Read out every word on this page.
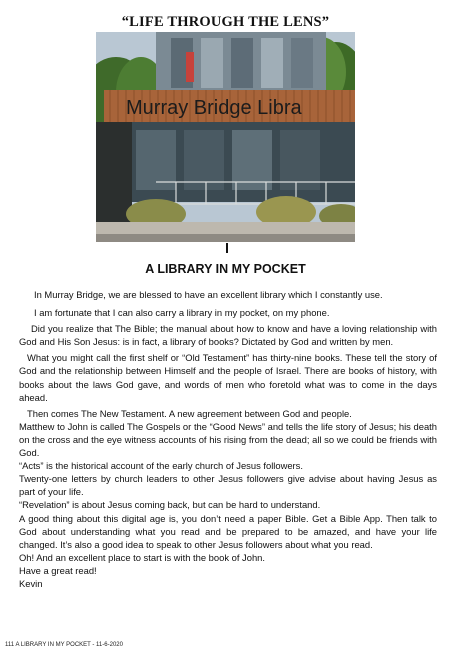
“LIFE THROUGH THE LENS”
Murray Bridge Libra
A LIBRARY IN MY POCKET

In Murray Bridge, we are blessed to have an excellent library which I constantly use.

I am fortunate that I can also carry a library in my pocket, on my phone.

Did you realize that The Bible; the manual about how to know and have a loving relationship with God and His Son Jesus: is in fact, a library of books? Dictated by God and written by men.

What you might call the first shelf or “Old Testament” has thirty-nine books. These tell the story of God and the relationship between Himself and the people of Israel. There are books of history, with books about the laws God gave, and words of men who foretold what was to come in the days ahead.

Then comes The New Testament. A new agreement between God and people.

Matthew to John is called The Gospels or the “Good News” and tells the life story of Jesus; his death on the cross and the eye witness accounts of his rising from the dead; all so we could be friends with God.

“Acts” is the historical account of the early church of Jesus followers.

Twenty-one letters by church leaders to other Jesus followers give advise about having Jesus as part of your life.

“Revelation” is about Jesus coming back, but can be hard to understand.

A good thing about this digital age is, you don’t need a paper Bible. Get a Bible App. Then talk to God about understanding what you read and be prepared to be amazed, and have your life changed. It’s also a good idea to speak to other Jesus followers about what you read.

Oh! And an excellent place to start is with the book of John.

Have a great read!

Kevin

111 A LIBRARY IN MY POCKET - 11-6-2020
